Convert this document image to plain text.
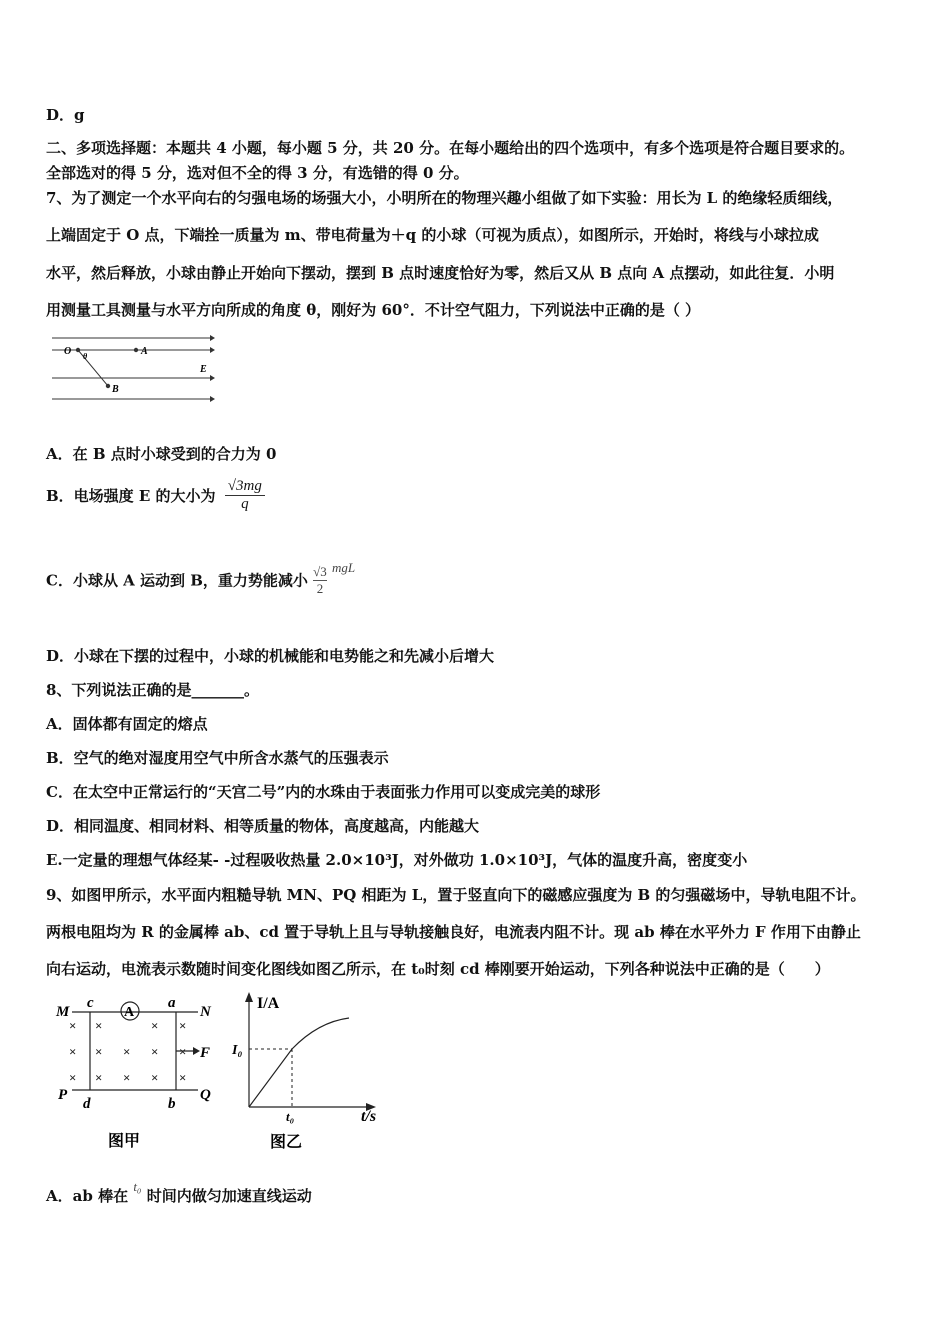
D．g
二、多项选择题：本题共 4 小题，每小题 5 分，共 20 分。在每小题给出的四个选项中，有多个选项是符合题目要求的。
全部选对的得 5 分，选对但不全的得 3 分，有选错的得 0 分。
7、为了测定一个水平向右的匀强电场的场强大小，小明所在的物理兴趣小组做了如下实验：用长为 L 的绝缘轻质细线，
上端固定于 O 点，下端拴一质量为 m、带电荷量为＋q 的小球（可视为质点），如图所示，开始时，将线与小球拉成
水平，然后释放，小球由静止开始向下摆动，摆到 B 点时速度恰好为零，然后又从 B 点向 A 点摆动，如此往复．小明
用测量工具测量与水平方向所成的角度 θ，刚好为 60°．不计空气阻力，下列说法中正确的是（ ）
O θ	A
B
E
A．在 B 点时小球受到的合力为 0
B．电场强度 E 的大小为 $\frac{√3mg}{q}$
C．小球从 A 运动到 B，重力势能减小 $\frac{√3}{2}$ mgL
D．小球在下摆的过程中，小球的机械能和电势能之和先减小后增大
8、下列说法正确的是_______。
A．固体都有固定的熔点
B．空气的绝对湿度用空气中所含水蒸气的压强表示
C．在太空中正常运行的“天宫二号”内的水珠由于表面张力作用可以变成完美的球形
D．相同温度、相同材料、相等质量的物体，高度越高，内能越大
E.一定量的理想气体经某- -过程吸收热量 2.0×10³J，对外做功 1.0×10³J，气体的温度升高，密度变小
9、如图甲所示，水平面内粗糙导轨 MN、PQ 相距为 L，置于竖直向下的磁感应强度为 B 的匀强磁场中，导轨电阻不计。
两根电阻均为 R 的金属棒 ab、cd 置于导轨上且与导轨接触良好，电流表内阻不计。现 ab 棒在水平外力 F 作用下由静止
向右运动，电流表示数随时间变化图线如图乙所示，在 t₀时刻 cd 棒刚要开始运动，下列各种说法中正确的是（　　）
M
c
A
a
N
F
P
d	b
Q
× ×	× ×
× × × × ×
× × × × ×
图甲
I/A
I₀
t₀	t/s
图乙
A．ab 棒在 t₀ 时间内做匀加速直线运动
